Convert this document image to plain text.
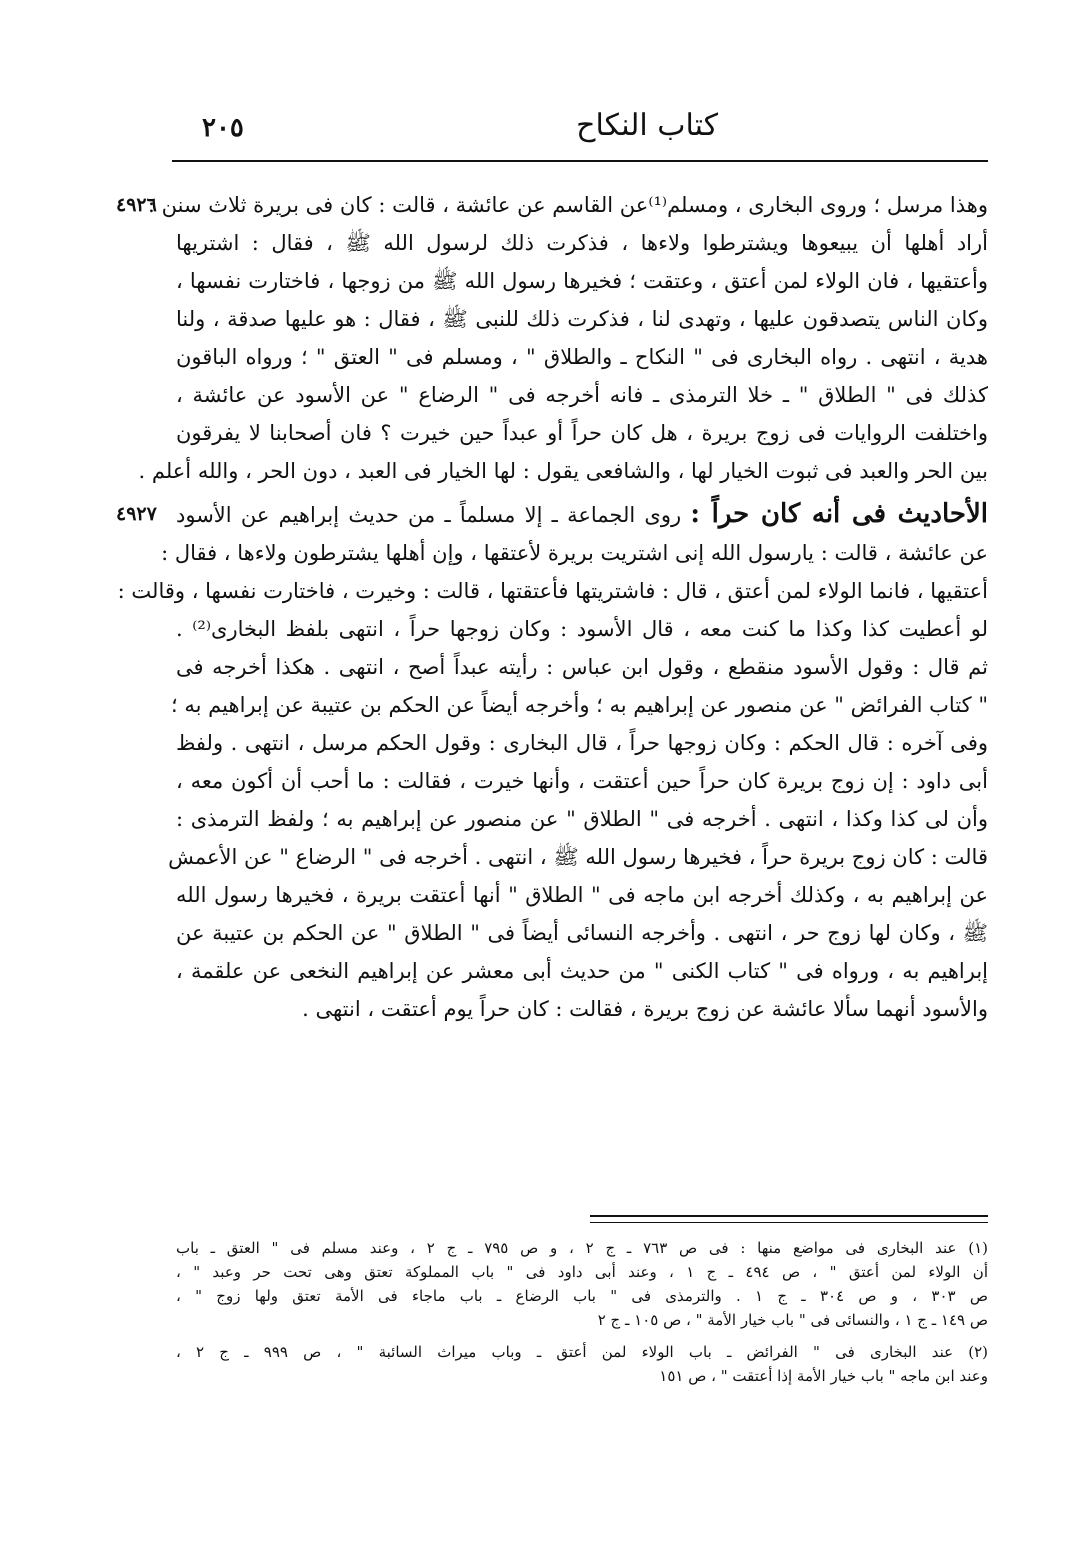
كتاب النكاح
٢٠٥
٤٩٢٦
وهذا مرسل ؛ وروى البخارى ، ومسلم⁽¹⁾عن القاسم عن عائشة ، قالت : كان فى بريرة ثلاث سنن :
أراد أهلها أن يبيعوها ويشترطوا ولاءها ، فذكرت ذلك لرسول الله ﷺ ، فقال : اشتريها
وأعتقيها ، فان الولاء لمن أعتق ، وعتقت ؛ فخيرها رسول الله ﷺ من زوجها ، فاختارت نفسها ،
وكان الناس يتصدقون عليها ، وتهدى لنا ، فذكرت ذلك للنبى ﷺ ، فقال : هو عليها صدقة ، ولنا
هدية ، انتهى . رواه البخارى فى " النكاح ـ والطلاق " ، ومسلم فى " العتق " ؛ ورواه الباقون
كذلك فى " الطلاق " ـ خلا الترمذى ـ فانه أخرجه فى " الرضاع " عن الأسود عن عائشة ،
واختلفت الروايات فى زوج بريرة ، هل كان حراً أو عبداً حين خيرت ؟ فان أصحابنا لا يفرقون
بين الحر والعبد فى ثبوت الخيار لها ، والشافعى يقول : لها الخيار فى العبد ، دون الحر ، والله أعلم .
٤٩٢٧	الأحاديث فى أنه كان حراً : روى الجماعة ـ إلا مسلماً ـ من حديث إبراهيم عن الأسود
عن عائشة ، قالت : يارسول الله إنى اشتريت بريرة لأعتقها ، وإن أهلها يشترطون ولاءها ، فقال :
أعتقيها ، فانما الولاء لمن أعتق ، قال : فاشتريتها فأعتقتها ، قالت : وخيرت ، فاختارت نفسها ، وقالت :
لو أعطيت كذا وكذا ما كنت معه ، قال الأسود : وكان زوجها حراً ، انتهى بلفظ البخارى⁽²⁾ .
ثم قال : وقول الأسود منقطع ، وقول ابن عباس : رأيته عبداً أصح ، انتهى . هكذا أخرجه فى
" كتاب الفرائض " عن منصور عن إبراهيم به ؛ وأخرجه أيضاً عن الحكم بن عتيبة عن إبراهيم به ؛
وفى آخره : قال الحكم : وكان زوجها حراً ، قال البخارى : وقول الحكم مرسل ، انتهى . ولفظ
أبى داود : إن زوج بريرة كان حراً حين أعتقت ، وأنها خيرت ، فقالت : ما أحب أن أكون معه ،
وأن لى كذا وكذا ، انتهى . أخرجه فى " الطلاق " عن منصور عن إبراهيم به ؛ ولفظ الترمذى :
قالت : كان زوج بريرة حراً ، فخيرها رسول الله ﷺ ، انتهى . أخرجه فى " الرضاع " عن الأعمش
عن إبراهيم به ، وكذلك أخرجه ابن ماجه فى " الطلاق " أنها أعتقت بريرة ، فخيرها رسول الله
ﷺ ، وكان لها زوج حر ، انتهى . وأخرجه النسائى أيضاً فى " الطلاق " عن الحكم بن عتيبة عن
إبراهيم به ، ورواه فى " كتاب الكنى " من حديث أبى معشر عن إبراهيم النخعى عن علقمة ،
والأسود أنهما سألا عائشة عن زوج بريرة ، فقالت : كان حراً يوم أعتقت ، انتهى .
(١) عند البخارى فى مواضع منها : فى ص ٧٦٣ ـ ج ٢ ، و ص ٧٩٥ ـ ج ٢ ، وعند مسلم فى " العتق ـ باب
أن الولاء لمن أعتق " ، ص ٤٩٤ ـ ج ١ ، وعند أبى داود فى " باب المملوكة تعتق وهى تحت حر وعبد " ،
ص ٣٠٣ ، و ص ٣٠٤ ـ ج ١ . والترمذى فى " باب الرضاع ـ باب ماجاء فى الأمة تعتق ولها زوج " ،
ص ١٤٩ ـ ج ١ ، والنسائى فى " باب خيار الأمة " ، ص ١٠٥ ـ ج ٢
(٢) عند البخارى فى " الفرائض ـ باب الولاء لمن أعتق ـ وباب ميراث السائبة " ، ص ٩٩٩ ـ ج ٢ ،
وعند ابن ماجه " باب خيار الأمة إذا أعتقت " ، ص ١٥١
